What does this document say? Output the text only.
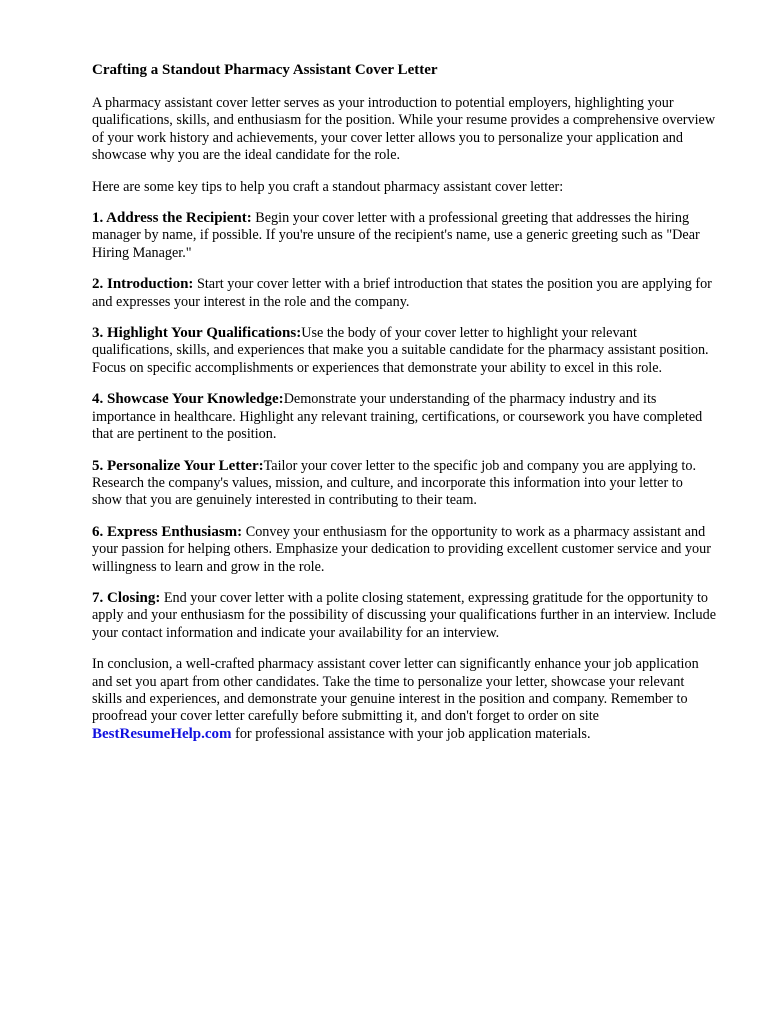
Crafting a Standout Pharmacy Assistant Cover Letter

A pharmacy assistant cover letter serves as your introduction to potential employers, highlighting your qualifications, skills, and enthusiasm for the position. While your resume provides a comprehensive overview of your work history and achievements, your cover letter allows you to personalize your application and showcase why you are the ideal candidate for the role.

Here are some key tips to help you craft a standout pharmacy assistant cover letter:

1. Address the Recipient: Begin your cover letter with a professional greeting that addresses the hiring manager by name, if possible. If you're unsure of the recipient's name, use a generic greeting such as "Dear Hiring Manager."

2. Introduction: Start your cover letter with a brief introduction that states the position you are applying for and expresses your interest in the role and the company.

3. Highlight Your Qualifications:Use the body of your cover letter to highlight your relevant qualifications, skills, and experiences that make you a suitable candidate for the pharmacy assistant position. Focus on specific accomplishments or experiences that demonstrate your ability to excel in this role.

4. Showcase Your Knowledge:Demonstrate your understanding of the pharmacy industry and its importance in healthcare. Highlight any relevant training, certifications, or coursework you have completed that are pertinent to the position.

5. Personalize Your Letter:Tailor your cover letter to the specific job and company you are applying to. Research the company's values, mission, and culture, and incorporate this information into your letter to show that you are genuinely interested in contributing to their team.

6. Express Enthusiasm: Convey your enthusiasm for the opportunity to work as a pharmacy assistant and your passion for helping others. Emphasize your dedication to providing excellent customer service and your willingness to learn and grow in the role.

7. Closing: End your cover letter with a polite closing statement, expressing gratitude for the opportunity to apply and your enthusiasm for the possibility of discussing your qualifications further in an interview. Include your contact information and indicate your availability for an interview.

In conclusion, a well-crafted pharmacy assistant cover letter can significantly enhance your job application and set you apart from other candidates. Take the time to personalize your letter, showcase your relevant skills and experiences, and demonstrate your genuine interest in the position and company. Remember to proofread your cover letter carefully before submitting it, and don't forget to order on site BestResumeHelp.com for professional assistance with your job application materials.
